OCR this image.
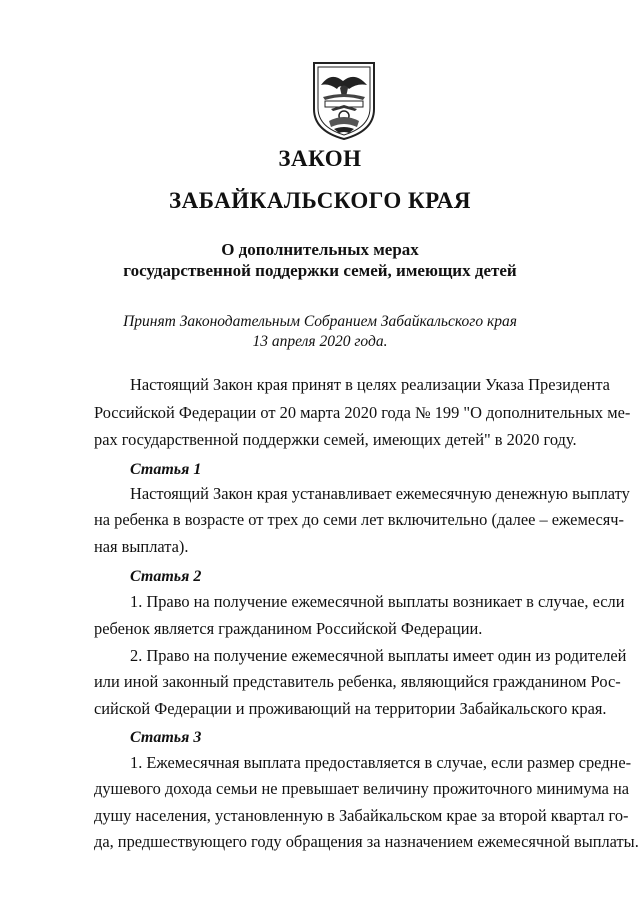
ЗАКОН
ЗАБАЙКАЛЬСКОГО КРАЯ
О дополнительных мерах
государственной поддержки семей, имеющих детей
Принят Законодательным Собранием Забайкальского края
13 апреля 2020 года.
Настоящий Закон края принят в целях реализации Указа Президента
Российской Федерации от 20 марта 2020 года № 199 "О дополнительных ме-
рах государственной поддержки семей, имеющих детей" в 2020 году.
Статья 1
Настоящий Закон края устанавливает ежемесячную денежную выплату
на ребенка в возрасте от трех до семи лет включительно (далее – ежемесяч-
ная выплата).
Статья 2
1. Право на получение ежемесячной выплаты возникает в случае, если
ребенок является гражданином Российской Федерации.
2. Право на получение ежемесячной выплаты имеет один из родителей
или иной законный представитель ребенка, являющийся гражданином Рос-
сийской Федерации и проживающий на территории Забайкальского края.
Статья 3
1. Ежемесячная выплата предоставляется в случае, если размер средне-
душевого дохода семьи не превышает величину прожиточного минимума на
душу населения, установленную в Забайкальском крае за второй квартал го-
да, предшествующего году обращения за назначением ежемесячной выплаты.
